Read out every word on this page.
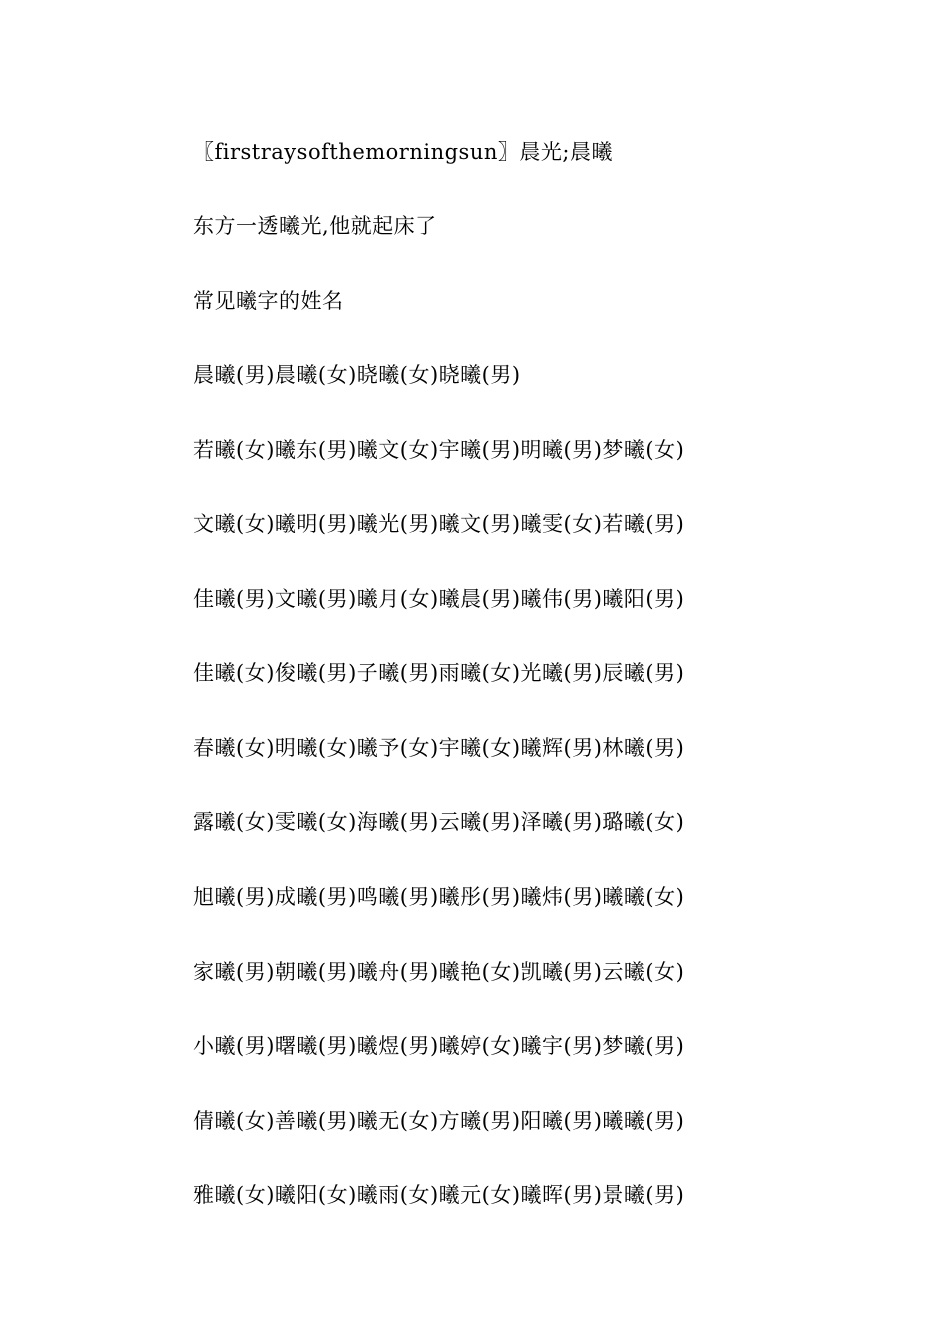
〖firstraysofthemorningsun〗晨光;晨曦
东方一透曦光,他就起床了
常见曦字的姓名
晨曦(男)晨曦(女)晓曦(女)晓曦(男)
若曦(女)曦东(男)曦文(女)宇曦(男)明曦(男)梦曦(女)
文曦(女)曦明(男)曦光(男)曦文(男)曦雯(女)若曦(男)
佳曦(男)文曦(男)曦月(女)曦晨(男)曦伟(男)曦阳(男)
佳曦(女)俊曦(男)子曦(男)雨曦(女)光曦(男)辰曦(男)
春曦(女)明曦(女)曦予(女)宇曦(女)曦辉(男)林曦(男)
露曦(女)雯曦(女)海曦(男)云曦(男)泽曦(男)璐曦(女)
旭曦(男)成曦(男)鸣曦(男)曦彤(男)曦炜(男)曦曦(女)
家曦(男)朝曦(男)曦舟(男)曦艳(女)凯曦(男)云曦(女)
小曦(男)曙曦(男)曦煜(男)曦婷(女)曦宇(男)梦曦(男)
倩曦(女)善曦(男)曦无(女)方曦(男)阳曦(男)曦曦(男)
雅曦(女)曦阳(女)曦雨(女)曦元(女)曦晖(男)景曦(男)
